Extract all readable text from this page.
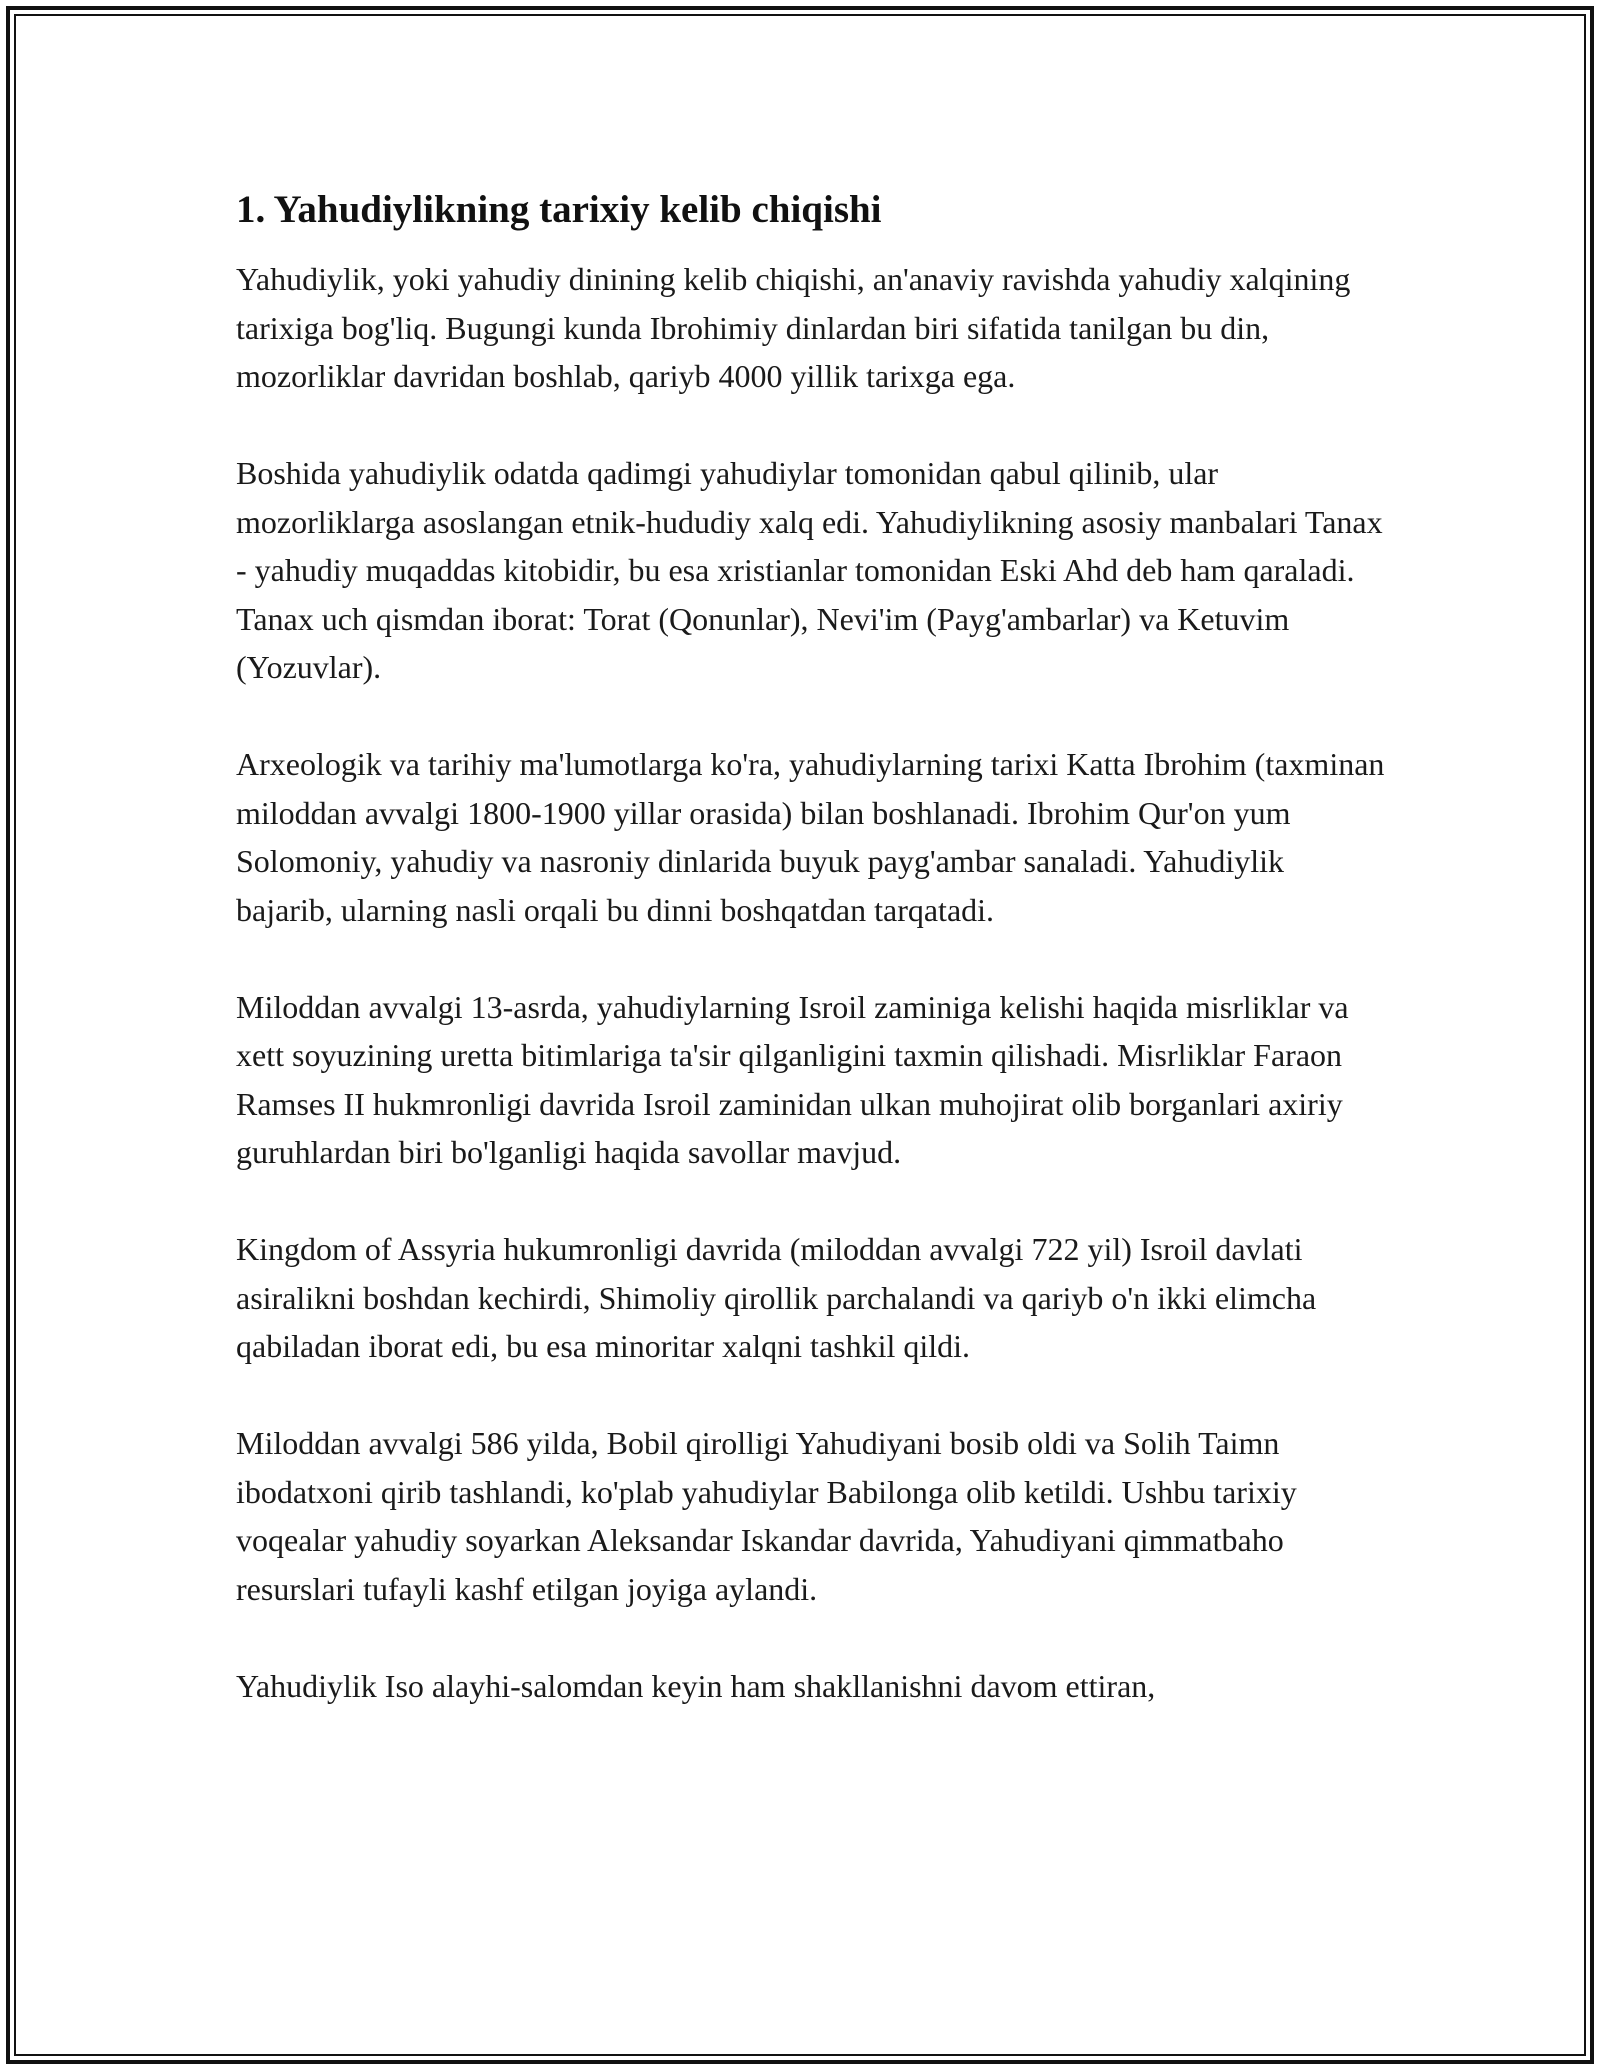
1. Yahudiylikning tarixiy kelib chiqishi

Yahudiylik, yoki yahudiy dinining kelib chiqishi, an'anaviy ravishda yahudiy xalqining tarixiga bog'liq. Bugungi kunda Ibrohimiy dinlardan biri sifatida tanilgan bu din, mozorliklar davridan boshlab, qariyb 4000 yillik tarixga ega.

Boshida yahudiylik odatda qadimgi yahudiylar tomonidan qabul qilinib, ular mozorliklarga asoslangan etnik-hududiy xalq edi. Yahudiylikning asosiy manbalari Tanax - yahudiy muqaddas kitobidir, bu esa xristianlar tomonidan Eski Ahd deb ham qaraladi. Tanax uch qismdan iborat: Torat (Qonunlar), Nevi'im (Payg'ambarlar) va Ketuvim (Yozuvlar).

Arxeologik va tarihiy ma'lumotlarga ko'ra, yahudiylarning tarixi Katta Ibrohim (taxminan miloddan avvalgi 1800-1900 yillar orasida) bilan boshlanadi. Ibrohim Qur'on yum Solomoniy, yahudiy va nasroniy dinlarida buyuk payg'ambar sanaladi. Yahudiylik bajarib, ularning nasli orqali bu dinni boshqatdan tarqatadi.

Miloddan avvalgi 13-asrda, yahudiylarning Isroil zaminiga kelishi haqida misrliklar va xett soyuzining uretta bitimlariga ta'sir qilganligini taxmin qilishadi. Misrliklar Faraon Ramses II hukmronligi davrida Isroil zaminidan ulkan muhojirat olib borganlari axiriy guruhlardan biri bo'lganligi haqida savollar mavjud.

Kingdom of Assyria hukumronligi davrida (miloddan avvalgi 722 yil) Isroil davlati asiralikni boshdan kechirdi, Shimoliy qirollik parchalandi va qariyb o'n ikki elimcha qabiladan iborat edi, bu esa minoritar xalqni tashkil qildi.

Miloddan avvalgi 586 yilda, Bobil qirolligi Yahudiyani bosib oldi va Solih Taimn ibodatxoni qirib tashlandi, ko'plab yahudiylar Babilonga olib ketildi. Ushbu tarixiy voqealar yahudiy soyarkan Aleksandar Iskandar davrida, Yahudiyani qimmatbaho resurslari tufayli kashf etilgan joyiga aylandi.

Yahudiylik Iso alayhi-salomdan keyin ham shakllanishni davom ettiran,
